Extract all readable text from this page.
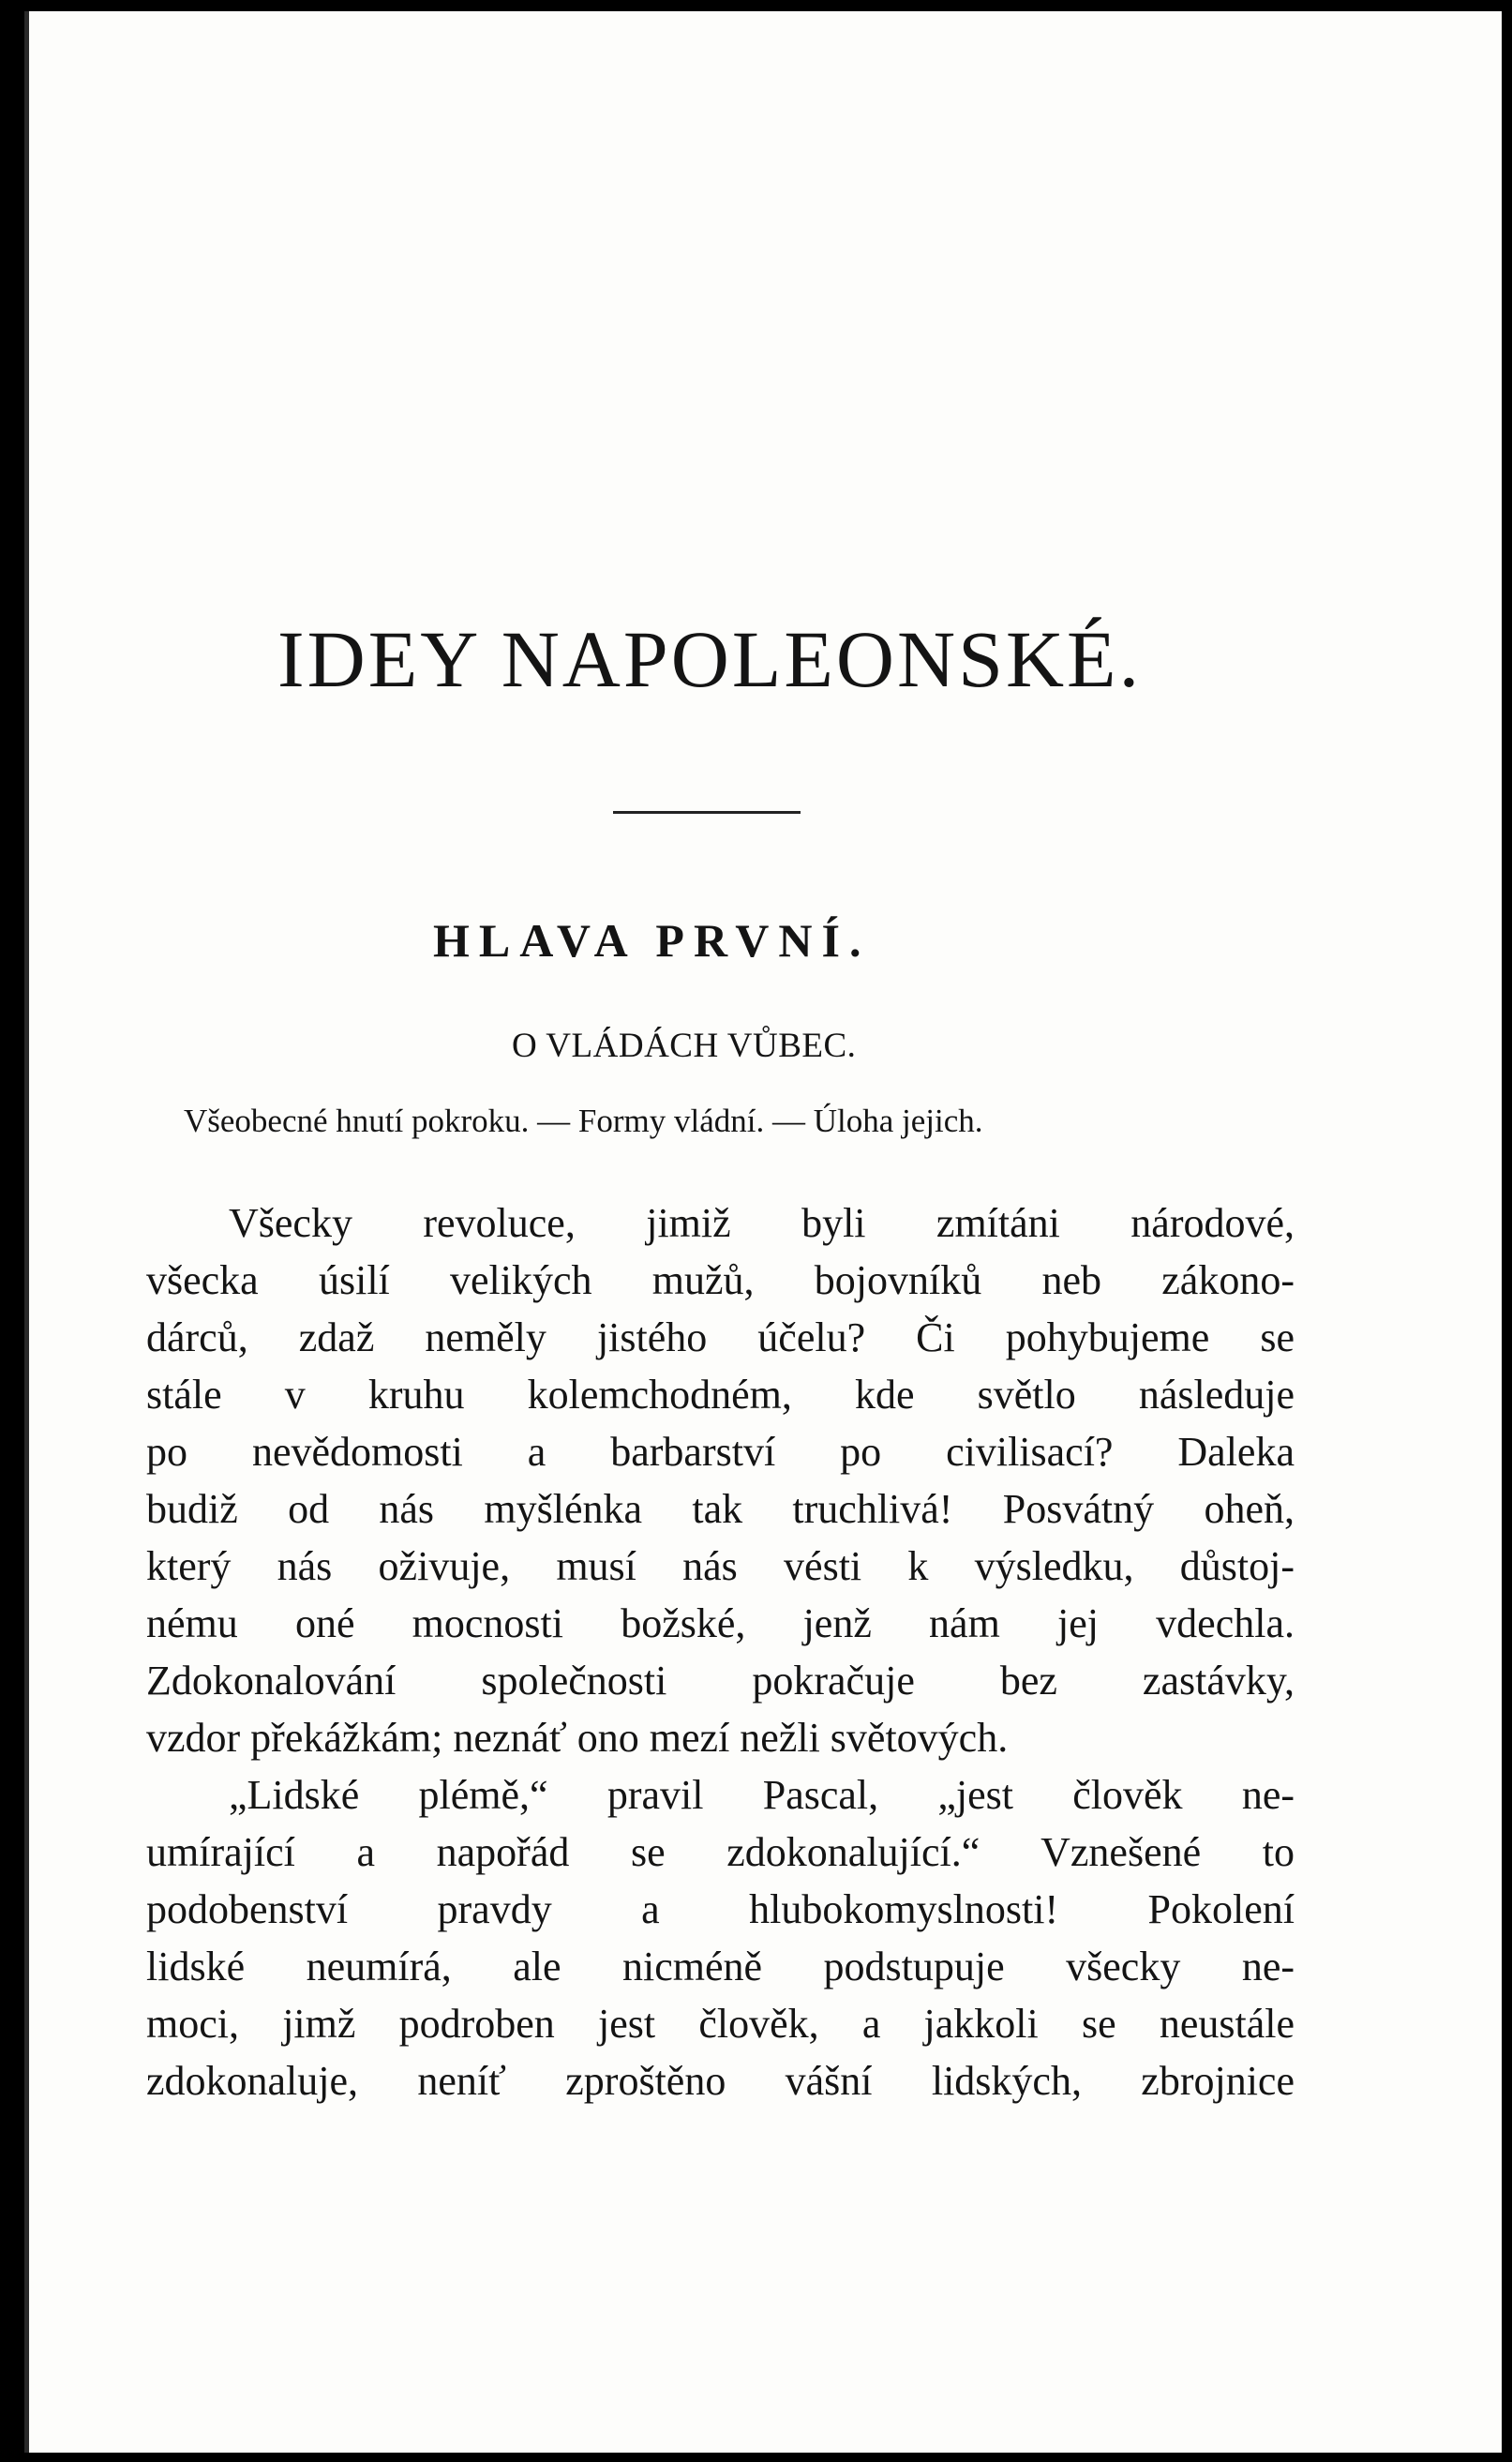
IDEY NAPOLEONSKÉ.
HLAVA PRVNÍ.
O VLÁDÁCH VŮBEC.
Všeobecné hnutí pokroku. — Formy vládní. — Úloha jejich.
Všecky revoluce, jimiž byli zmítáni národové,
všecka úsilí velikých mužů, bojovníků neb zákono-
dárců, zdaž neměly jistého účelu? Či pohybujeme se
stále v kruhu kolemchodném, kde světlo následuje
po nevědomosti a barbarství po civilisací? Daleka
budiž od nás myšlénka tak truchlivá! Posvátný oheň,
který nás oživuje, musí nás vésti k výsledku, důstoj-
nému oné mocnosti božské, jenž nám jej vdechla.
Zdokonalování společnosti pokračuje bez zastávky,
vzdor překážkám; neznáť ono mezí nežli světových.
„Lidské plémě,“ pravil Pascal, „jest člověk ne-
umírající a napořád se zdokonalující.“ Vznešené to
podobenství pravdy a hlubokomyslnosti! Pokolení
lidské neumírá, ale nicméně podstupuje všecky ne-
moci, jimž podroben jest člověk, a jakkoli se neustále
zdokonaluje, neníť zproštěno vášní lidských, zbrojnice
